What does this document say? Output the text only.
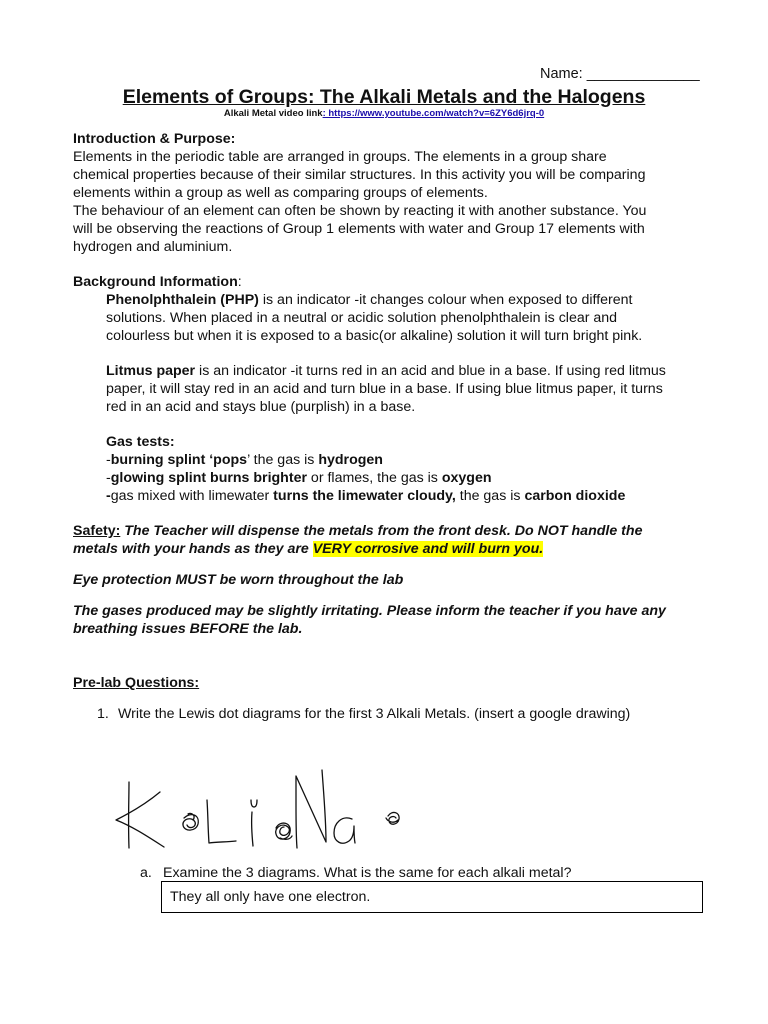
Name: ______________
Elements of Groups: The Alkali Metals and the Halogens
Alkali Metal video link: https://www.youtube.com/watch?v=6ZY6d6jrq-0
Introduction & Purpose:
Elements in the periodic table are arranged in groups. The elements in a group share
chemical properties because of their similar structures. In this activity you will be comparing
elements within a group as well as comparing groups of elements.
The behaviour of an element can often be shown by reacting it with another substance. You
will be observing the reactions of Group 1 elements with water and Group 17 elements with
hydrogen and aluminium.
Background Information:
Phenolphthalein (PHP) is an indicator -it changes colour when exposed to different
solutions. When placed in a neutral or acidic solution phenolphthalein is clear and
colourless but when it is exposed to a basic(or alkaline) solution it will turn bright pink.
Litmus paper is an indicator -it turns red in an acid and blue in a base. If using red litmus
paper, it will stay red in an acid and turn blue in a base. If using blue litmus paper, it turns
red in an acid and stays blue (purplish) in a base.
Gas tests:
-burning splint ‘pops’ the gas is hydrogen
-glowing splint burns brighter or flames, the gas is oxygen
-gas mixed with limewater turns the limewater cloudy, the gas is carbon dioxide
Safety: The Teacher will dispense the metals from the front desk. Do NOT handle the
metals with your hands as they are VERY corrosive and will burn you.
Eye protection MUST be worn throughout the lab
The gases produced may be slightly irritating. Please inform the teacher if you have any
breathing issues BEFORE the lab.
Pre-lab Questions:
1. Write the Lewis dot diagrams for the first 3 Alkali Metals. (insert a google drawing)
a. Examine the 3 diagrams. What is the same for each alkali metal?
They all only have one electron.
